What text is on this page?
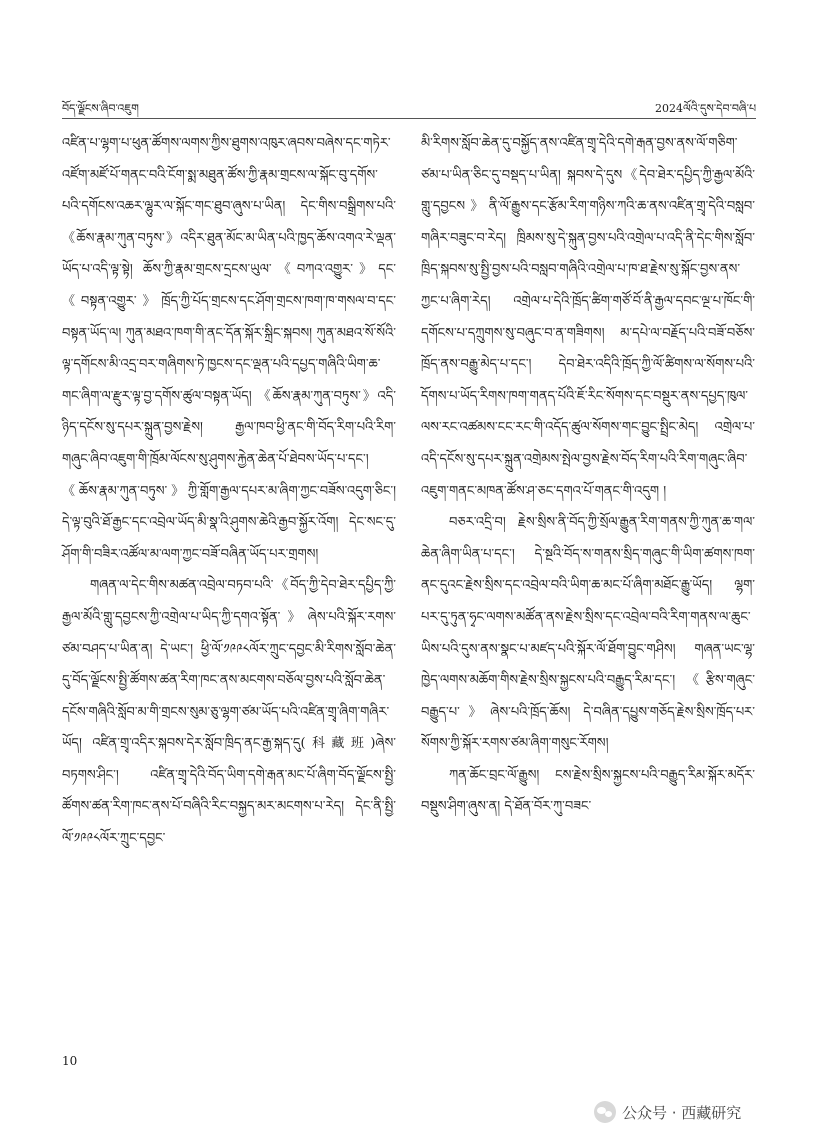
བོད་ལྗོངས་ཞིབ་འཇུག	2024ལོའི་དུས་དེབ་བཞི་པ

འཛིན་པ་ལྷག་པ་ཕུན་ཚོགས་ལགས་ཀྱིས་ཐུགས་འཁུར་ཞབས་བཞེས་དང་གཏེར་འཛོག་མཛོ་པོ་གནང་བའི་ངོག་སྨ་མཐུན་ཚོས་ཀྱི་རྣམ་གྲངས་ལ་སྐོང་བུ་དགོས་པའི་དགོངས་འཆར་ལྷུར་ལ་སྐོང་གང་ཐུབ་ཞུས་པ་ཡིན། དེང་གིས་བསྒྲིགས་པའི་《ཆོས་རྣམ་ཀུན་བཏུས་》འདིར་ཐུན་མོང་མ་ཡིན་པའི་ཁྱད་ཆོས་འགའ་རེ་ལྡན་ཡོད་པ་འདི་ལྟ་སྟེ། ཆོས་ཀྱི་རྣམ་གྲངས་དྲངས་ཡུལ་《བཀའ་འགྱུར་》དང་《བསྟན་འགྱུར་》ཁྲོད་ཀྱི་པོད་གྲངས་དང་ཤོག་གྲངས་ཁག་ཁ་གསལ་བ་དང་བསྟན་ཡོད་ལ། ཀུན་མཐའ་ཁག་གི་ནང་དོན་སྐོར་སྐྲིང་སྐབས། ཀུན་མཐའ་སོ་སོའི་ལྟ་དགོངས་མི་འདྲ་བར་གཞིགས་ཏེ་ཁྱངས་དང་ལྡན་པའི་དཔྱད་གཞིའི་ཡིག་ཆ་གང་ཞིག་ལ་རྫུར་ལྟ་བྱ་དགོས་ཚུལ་བསྟན་ཡོད། 《ཆོས་རྣམ་ཀུན་བཏུས་》འདི་ཉིད་དངོས་སུ་དཔར་སྐྲུན་བྱས་རྗེས། རྒྱལ་ཁབ་ཕྱི་ནང་གི་བོད་རིག་པའི་རིག་གཞུང་ཞིབ་འཇུག་གི་ཁྲོམ་ལོངས་སུ་ཤུགས་རྐྱེན་ཆེན་པོ་ཐེབས་ཡོད་པ་དང་། 《ཆོས་རྣམ་ཀུན་བཏུས་》ཀྱི་གློག་རྒྱལ་དཔར་མ་ཞིག་ཀྱང་བཟོས་འདུག་ཅིང་། དེ་ལྟ་བུའི་ཐོ་རྒྱང་དང་འབྲེལ་ཡོད་མི་སྣ་འི་ཤུགས་ཆེའི་རྒྱབ་སྐྱོར་འོག། དེང་སང་དུ་ཤོག་གི་བཟིར་འཚོལ་མ་ལག་ཀྱང་བཟོ་བཞིན་ཡོད་པར་གྲགས།

གཞན་ལ་དེང་གིས་མཚན་འབྲེལ་བཏབ་པའི་《བོད་ཀྱི་དེབ་ཐེར་དཔྱིད་ཀྱི་རྒྱལ་མོའི་གླུ་དབྱངས་ཀྱི་འགྲེལ་པ་ཡིད་ཀྱི་དགའ་སྟོན་》ཞེས་པའི་སྐོར་རགས་ཙམ་བཤད་པ་ཡིན་ན། དེ་ཡང་། ཕྱི་ལོ་༡༩༩༨ལོར་ཀྲུང་དབྱང་མི་རིགས་སློབ་ཆེན་དུ་བོད་ལྗོངས་སྤྱི་ཚོགས་ཚན་རིག་ཁང་ནས་མངགས་བཅོལ་བྱས་པའི་སློབ་ཆེན་དངོས་གཞིའི་སློབ་མ་གི་གྲངས་སུམ་ཅུ་ལྷག་ཙམ་ཡོད་པའི་འཛིན་གྲྭ་ཞིག་གཞིར་ཡོད། འཛིན་གྲྭ་འདིར་སྐབས་དེར་སློབ་ཁྲིད་ནང་རྒྱ་སྐད་དུ(科藏班)ཞེས་བཏགས་ཤིང་། འཛིན་གྲྭ་དེའི་བོད་ཡིག་དགེ་རྒན་མང་པོ་ཞིག་བོད་ལྗོངས་སྤྱི་ཚོགས་ཚན་རིག་ཁང་ནས་པོ་བཞིའི་རིང་བསྐྱད་མར་མངགས་པ་རེད། དེང་ནི་སྤྱི་ལོ་༡༩༩༨ལོར་ཀྲུང་དབྱང་

མི་རིགས་སློབ་ཆེན་དུ་བསྐྱོད་ནས་འཛིན་གྲྭ་དེའི་དགེ་རྒན་བྱས་ནས་ལོ་གཅིག་ཙམ་པ་ཡིན་ཅིང་དུ་བསྡད་པ་ཡིན། སྐབས་དེ་དུས《དེབ་ཐེར་དཔྱིད་ཀྱི་རྒྱལ་མོའི་གླུ་དབྱངས》ནི་ལོ་རྒྱུས་དང་རྩོམ་རིག་གཉིས་ཀའི་ཆ་ནས་འཛིན་གྲྭ་དེའི་བསླབ་གཞིར་བཟུང་བ་རེད། ཁྲིམས་སུ་དེ་སྐུན་བྱས་པའི་འགྲེལ་པ་འདི་ནི་དེང་གིས་སློབ་ཁྲིད་སྐབས་སུ་སྤྱི་བྱས་པའི་བསླབ་གཞིའི་འགྲེལ་པ་ཁ་ཐ་རྗེས་སུ་སྐོང་བྱས་ནས་ཀྱང་པ་ཞིག་རེད། འགྲེལ་པ་དེའི་ཁྲོད་ཚིག་གཙོ་བོ་ནི་རྒྱལ་དབང་ལྔ་པ་ཁོང་གི་དགོངས་པ་དཀྲུགས་སུ་བཞུང་བ་ན་གཟིགས། མ་དཔེ་ལ་བརྗོད་པའི་བཟོ་བཅོས་ཁྲོད་ནས་བརྒྱུ་མེད་པ་དང་། དེབ་ཐེར་འདིའི་ཁྲོད་ཀྱི་ལོ་ཚིགས་ལ་སོགས་པའི་དོགས་པ་ཡོད་རིགས་ཁག་གནད་པོའི་ཇོ་རིང་སོགས་དང་བསྡུར་ནས་དཔྱད་ཁུལ་ལས་རང་འཚམས་ངང་རང་གི་འདོད་ཚུལ་སོགས་གང་བྱུང་སྤྲིང་མེད། འགྲེལ་པ་འདི་དངོས་སུ་དཔར་སྐྲུན་འགྲེམས་སྤེལ་བྱས་རྗེས་བོད་རིག་པའི་རིག་གཞུང་ཞིབ་འཇུག་གནང་མཁན་ཚོས་ཤ་ཅང་དགའ་པོ་གནང་གི་འདུག །

བཅར་འདྲི་བ། རྗེས་སྲིས་ནི་བོད་ཀྱི་སྲོལ་རྒྱུན་རིག་གནས་ཀྱི་ཀུན་ཆ་གལ་ཆེན་ཞིག་ཡིན་པ་དང་། དེ་སྔའི་བོད་ས་གནས་སྲིད་གཞུང་གི་ཡིག་ཚགས་ཁག་ནང་དུའང་རྗེས་སྲིས་དང་འབྲེལ་བའི་ཡིག་ཆ་མང་པོ་ཞིག་མཐོང་རྒྱུ་ཡོད། ལྷག་པར་དུ་ཏུན་ཧྭང་ལགས་མཚོན་ནས་རྗེས་སྲིས་དང་འབྲེལ་བའི་རིག་གནས་ལ་ཆུང་ཡིས་པའི་དུས་ནས་སྣང་པ་མཛད་པའི་སྐོར་ལོ་ཐོག་བྱུང་གཤིས། གཞན་ཡང་ལྷ་ཁྱེད་ལགས་མཆོག་གིས་རྗེས་སྲིས་སྐྱངས་པའི་བརྒྱུད་རིམ་དང་། 《རྩིས་གཞུང་བརྒྱུད་པ་》ཞེས་པའི་ཁྲོད་ཆོས། དེ་བཞིན་དཔྱུས་གཅོད་རྗེས་སྲིས་ཁྲོད་པར་སོགས་ཀྱི་སྐོར་རགས་ཙམ་ཞིག་གསུང་རོགས།

ཀན་ཆོང་བྲང་ལོ་རྒྱུས། ངས་རྗེས་སྲིས་སྐྱངས་པའི་བརྒྱུད་རིམ་སྐོར་མདོར་བསྡུས་ཤིག་ཞུས་ན། དེ་ཐོན་བོར་ཀུ་བཟང་

10
公众号 · 西藏研究
